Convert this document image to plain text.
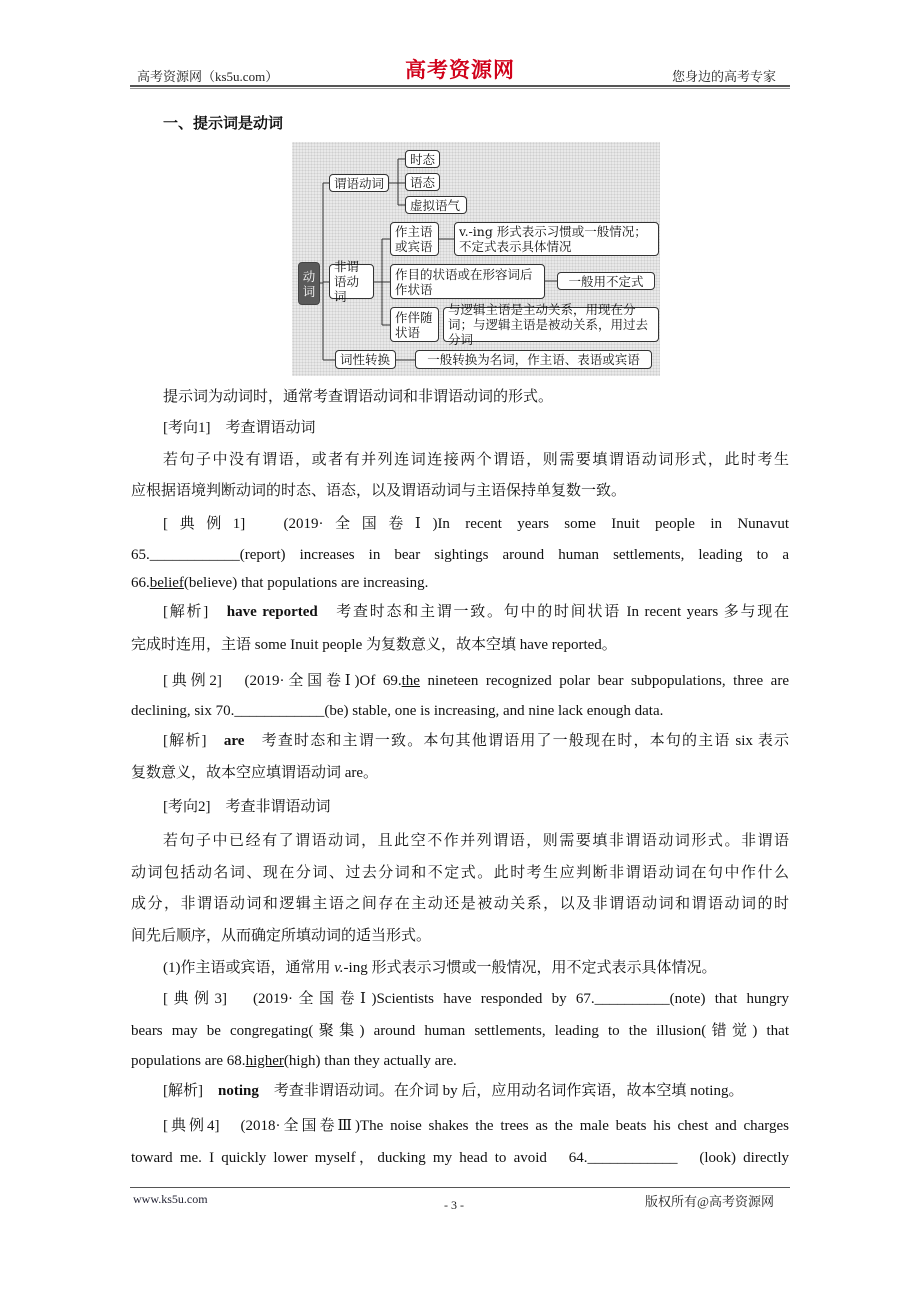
高考资源网（ks5u.com）	高考资源网	您身边的高考专家
一、提示词是动词
动词
谓语动词
时态
语态
虚拟语气
非谓语动词
作主语或宾语
v.-ing 形式表示习惯或一般情况；不定式表示具体情况
作目的状语或在形容词后作状语
一般用不定式
作伴随状语
与逻辑主语是主动关系，用现在分词；与逻辑主语是被动关系，用过去分词
词性转换	一般转换为名词，作主语、表语或宾语
提示词为动词时，通常考查谓语动词和非谓语动词的形式。
[考向1]　考查谓语动词
若句子中没有谓语，或者有并列连词连接两个谓语，则需要填谓语动词形式，此时考生
应根据语境判断动词的时态、语态，以及谓语动词与主语保持单复数一致。
[典例1]　(2019·全国卷Ⅰ)In recent years some Inuit people in Nunavut
65.____________(report) increases in bear sightings around human settlements, leading to a
66.belief(believe) that populations are increasing.
[解析]　have reported　考查时态和主谓一致。句中的时间状语 In recent years 多与现在
完成时连用，主语 some Inuit people 为复数意义，故本空填 have reported。
[典例2]　(2019·全国卷Ⅰ)Of 69.the nineteen recognized polar bear subpopulations, three are
declining, six 70.____________(be) stable, one is increasing, and nine lack enough data.
[解析]　are　考查时态和主谓一致。本句其他谓语用了一般现在时，本句的主语 six 表示
复数意义，故本空应填谓语动词 are。
[考向2]　考查非谓语动词
若句子中已经有了谓语动词，且此空不作并列谓语，则需要填非谓语动词形式。非谓语
动词包括动名词、现在分词、过去分词和不定式。此时考生应判断非谓语动词在句中作什么
成分，非谓语动词和逻辑主语之间存在主动还是被动关系，以及非谓语动词和谓语动词的时
间先后顺序，从而确定所填动词的适当形式。
(1)作主语或宾语，通常用 v.-ing 形式表示习惯或一般情况，用不定式表示具体情况。
[典例3]　(2019·全国卷Ⅰ)Scientists have responded by 67.__________(note) that hungry
bears may be congregating(聚集) around human settlements, leading to the illusion(错觉) that
populations are 68.higher(high) than they actually are.
[解析]　noting　考查非谓语动词。在介词 by 后，应用动名词作宾语，故本空填 noting。
[典例4]　(2018·全国卷Ⅲ)The noise shakes the trees as the male beats his chest and charges
toward me. I quickly lower myself，ducking my head to avoid　64.____________　(look) directly
www.ks5u.com	- 3 -	版权所有@高考资源网
